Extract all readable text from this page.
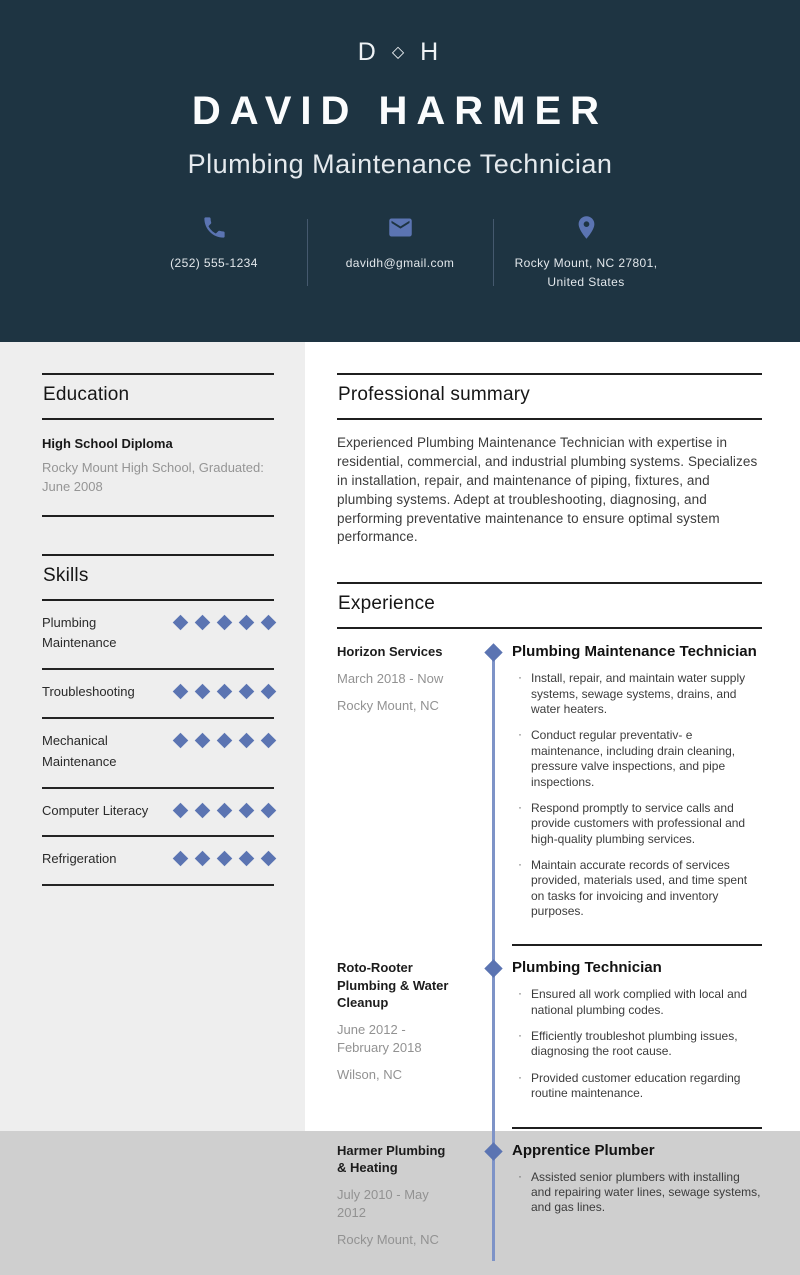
D ◇ H
DAVID HARMER
Plumbing Maintenance Technician
(252) 555-1234	davidh@gmail.com	Rocky Mount, NC 27801,
United States
Education
High School Diploma
Rocky Mount High School, Graduated: June 2008
Skills
Plumbing Maintenance
Troubleshooting
Mechanical Maintenance
Computer Literacy
Refrigeration
Professional summary

Experienced Plumbing Maintenance Technician with expertise in residential, commercial, and industrial plumbing systems. Specializes in installation, repair, and maintenance of piping, fixtures, and plumbing systems. Adept at troubleshooting, diagnosing, and performing preventative maintenance to ensure optimal system performance.

Experience
Horizon Services
March 2018 - Now
Rocky Mount, NC
Plumbing Maintenance Technician
· Install, repair, and maintain water supply systems, sewage systems, drains, and water heaters.
· Conduct regular preventativ- e maintenance, including drain cleaning, pressure valve inspections, and pipe inspections.
· Respond promptly to service calls and provide customers with professional and high-quality plumbing services.
· Maintain accurate records of services provided, materials used, and time spent on tasks for invoicing and inventory purposes.
Roto-Rooter Plumbing & Water Cleanup
June 2012 - February 2018
Wilson, NC
Plumbing Technician
· Ensured all work complied with local and national plumbing codes.
· Efficiently troubleshot plumbing issues, diagnosing the root cause.
· Provided customer education regarding routine maintenance.
Harmer Plumbing & Heating
July 2010 - May 2012
Rocky Mount, NC
Apprentice Plumber
· Assisted senior plumbers with installing and repairing water lines, sewage systems, and gas lines.
